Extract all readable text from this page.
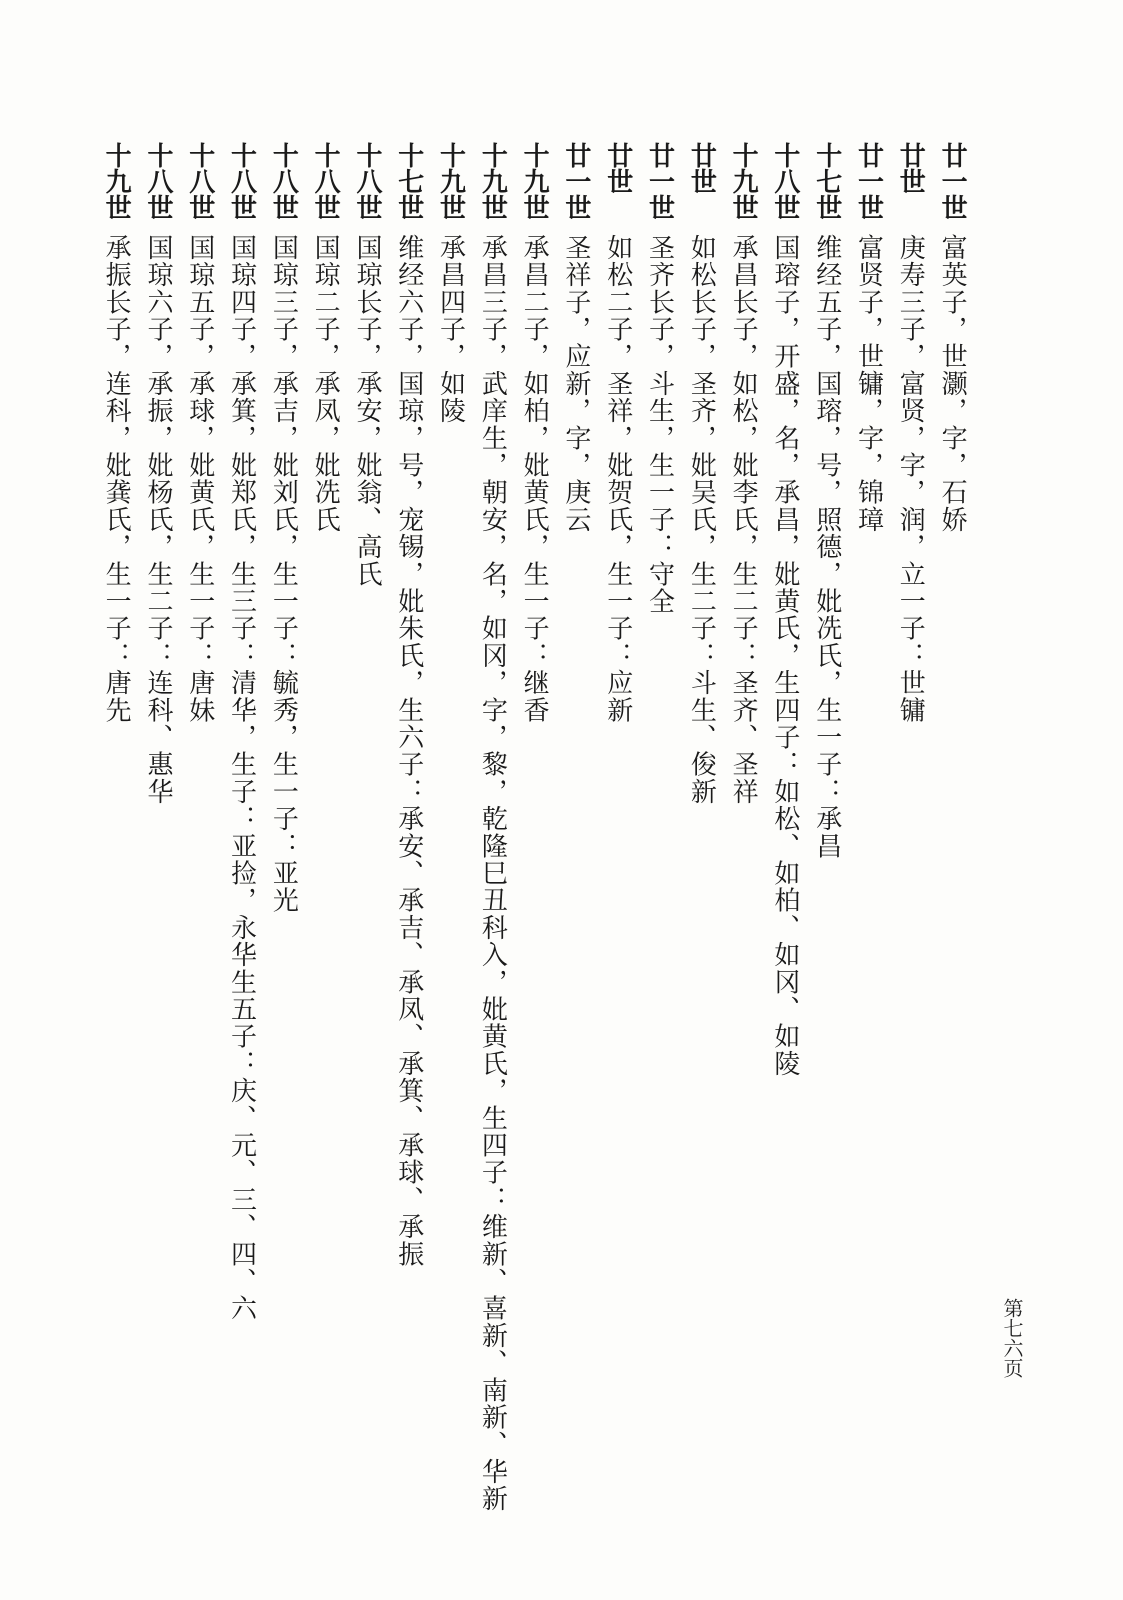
廿一世
富英子，世灏，字，石娇
廿世
庚寿三子，富贤，字，润，立一子：世镛
廿一世
富贤子，世镛，字，锦璋
十七世
维经五子，国瑢，号，照德，妣冼氏，生一子：承昌
十八世
国瑢子，开盛，名，承昌，妣黄氏，生四子：如松、如柏、如冈、如陵
十九世
承昌长子，如松，妣李氏，生二子：圣齐、圣祥
廿世
如松长子，圣齐，妣吴氏，生二子：斗生、俊新
廿一世
圣齐长子，斗生，生一子：守全
廿世
如松二子，圣祥，妣贺氏，生一子：应新
廿一世
圣祥子，应新，字，庚云
十九世
承昌二子，如柏，妣黄氏，生一子：继香
十九世
承昌三子，武庠生，朝安，名，如冈，字，黎，乾隆巳丑科入，妣黄氏，生四子：维新、喜新、南新、华新
十九世
承昌四子，如陵
十七世
维经六子，国琼，号，宠锡，妣朱氏，生六子：承安、承吉、承凤、承箕、承球、承振
十八世
国琼长子，承安，妣翁、高氏
十八世
国琼二子，承凤，妣冼氏
十八世
国琼三子，承吉，妣刘氏，生一子：毓秀，生一子：亚光
十八世
国琼四子，承箕，妣郑氏，生三子：清华，生子：亚捡，永华生五子：庆、元、三、四、六
十八世
国琼五子，承球，妣黄氏，生一子：唐妹
十八世
国琼六子，承振，妣杨氏，生二子：连科、惠华
十九世
承振长子，连科，妣龚氏，生一子：唐先
第七六页
